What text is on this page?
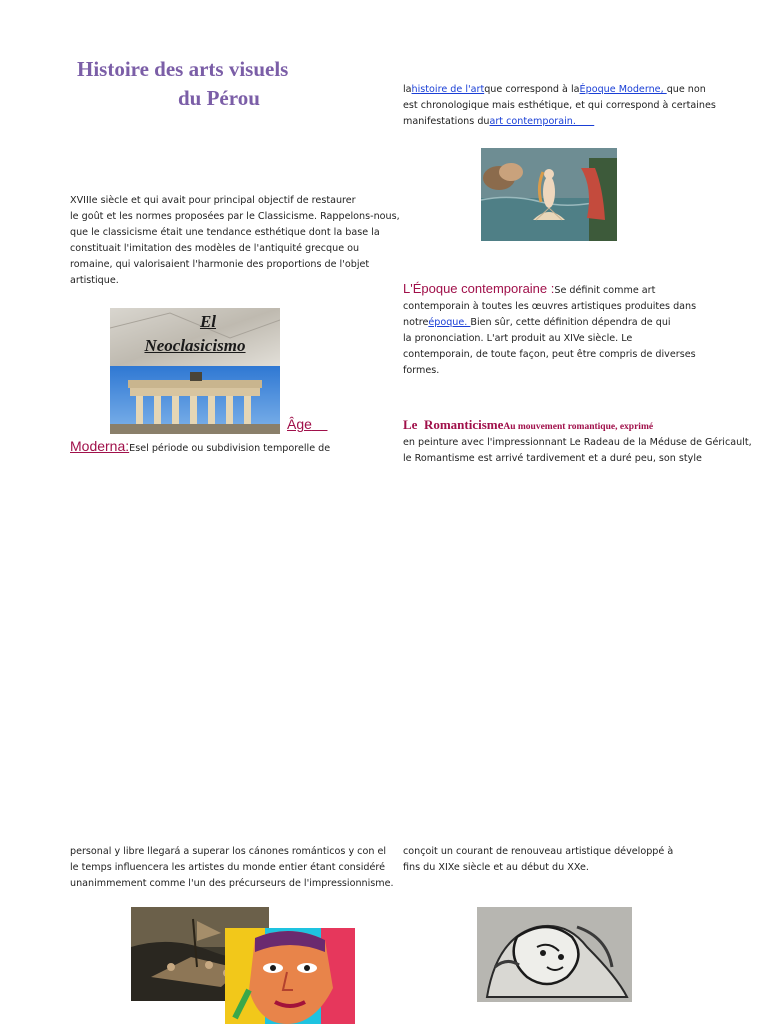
Histoire des arts visuels
du Pérou
XVIIIe siècle et qui avait pour principal objectif de restaurer
le goût et les normes proposées par le Classicisme. Rappelons-nous,
que le classicisme était une tendance esthétique dont la base la
constituait l'imitation des modèles de l'antiquité grecque ou
romaine, qui valorisaient l'harmonie des proportions de l'objet
artistique.
El
Neoclasicismo
Âge
Moderna:Esel période ou subdivision temporelle de
lahistoire de l'artque correspond à laÉpoque Moderne, que non
est chronologique mais esthétique, et qui correspond à certaines
manifestations duart contemporain.
L'Époque contemporaine :Se définit comme art
contemporain à toutes les œuvres artistiques produites dans
notreépoque. Bien sûr, cette définition dépendra de qui
la prononciation. L'art produit au XIVe siècle. Le
contemporain, de toute façon, peut être compris de diverses
formes.
Le  RomanticismeAu mouvement romantique, exprimé
en peinture avec l'impressionnant Le Radeau de la Méduse de Géricault,
le Romantisme est arrivé tardivement et a duré peu, son style
personal y libre llegará a superar los cánones románticos y con el
le temps influencera les artistes du monde entier étant considéré
unanimmement comme l'un des précurseurs de l'impressionnisme.
conçoit un courant de renouveau artistique développé à
fins du XIXe siècle et au début du XXe.
